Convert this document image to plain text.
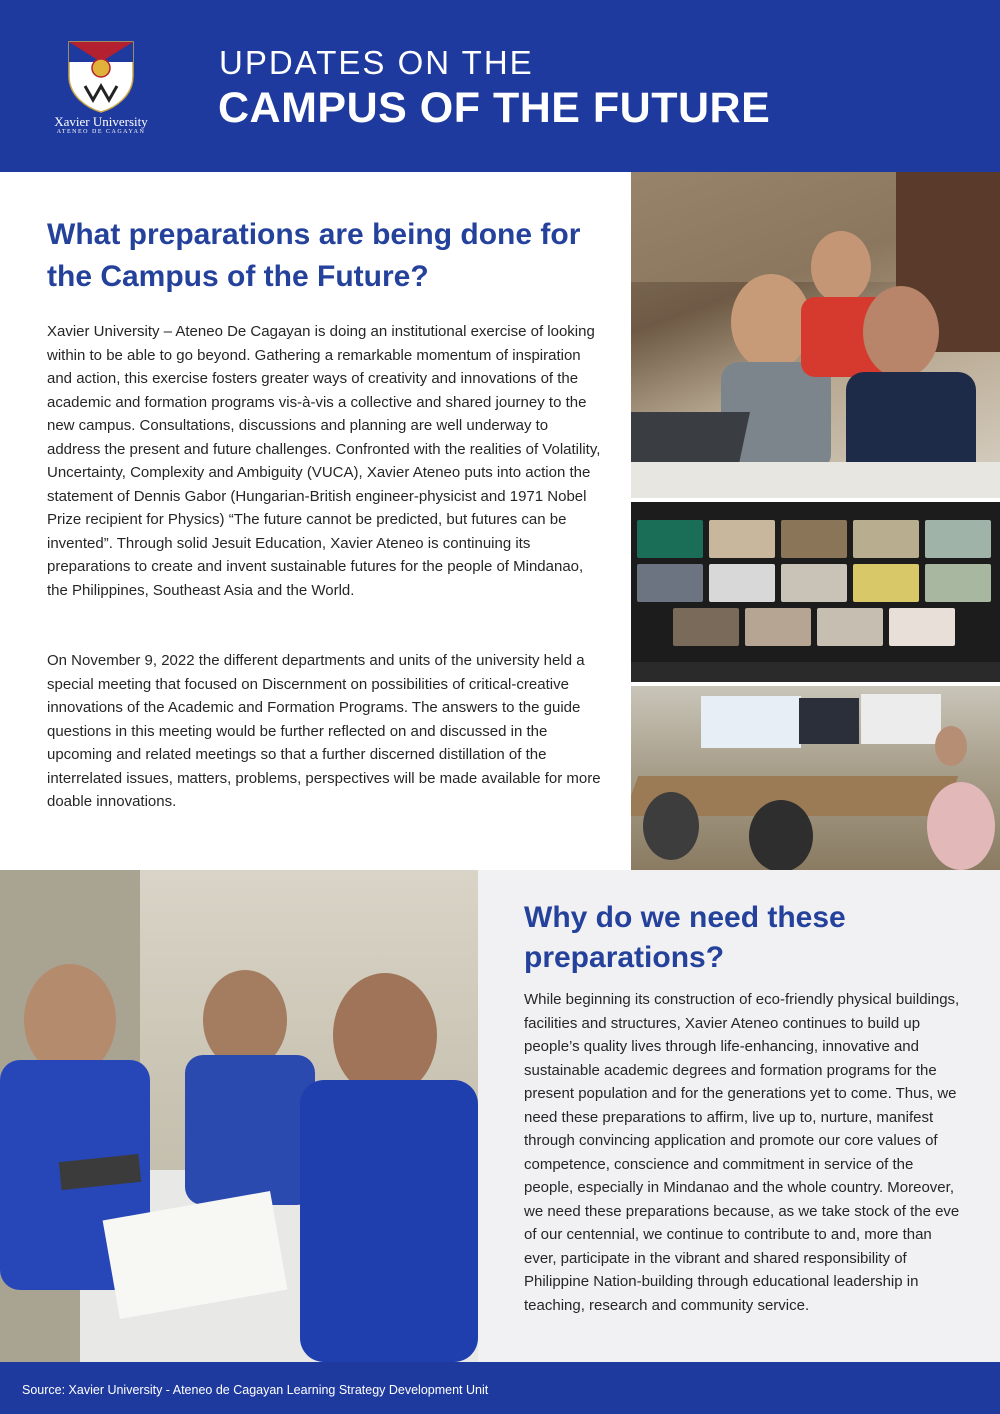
Xavier University
ATENEO DE CAGAYAN
UPDATES ON THE
CAMPUS OF THE FUTURE
What preparations are being done for the Campus of the Future?

Xavier University – Ateneo De Cagayan is doing an institutional exercise of looking within to be able to go beyond. Gathering a remarkable momentum of inspiration and action, this exercise fosters greater ways of creativity and innovations of the academic and formation programs vis-à-vis a collective and shared journey to the new campus. Consultations, discussions and planning are well underway to address the present and future challenges. Confronted with the realities of Volatility, Uncertainty, Complexity and Ambiguity (VUCA), Xavier Ateneo puts into action the statement of Dennis Gabor (Hungarian-British engineer-physicist and 1971 Nobel Prize recipient for Physics) “The future cannot be predicted, but futures can be invented”. Through solid Jesuit Education, Xavier Ateneo is continuing its preparations to create and invent sustainable futures for the people of Mindanao, the Philippines, Southeast Asia and the World.

On November 9, 2022 the different departments and units of the university held a special meeting that focused on Discernment on possibilities of critical-creative innovations of the Academic and Formation Programs. The answers to the guide questions in this meeting would be further reflected on and discussed in the upcoming and related meetings so that a further discerned distillation of the interrelated issues, matters, problems, perspectives will be made available for more doable innovations.

Why do we need these preparations?

While beginning its construction of eco-friendly physical buildings, facilities and structures, Xavier Ateneo continues to build up people’s quality lives through life-enhancing, innovative and sustainable academic degrees and formation programs for the present population and for the generations yet to come. Thus, we need these preparations to affirm, live up to, nurture, manifest through convincing application and promote our core values of competence, conscience and commitment in service of the people, especially in Mindanao and the whole country. Moreover, we need these preparations because, as we take stock of the eve of our centennial, we continue to contribute to and, more than ever, participate in the vibrant and shared responsibility of Philippine Nation-building through educational leadership in teaching, research and community service.

Source: Xavier University - Ateneo de Cagayan Learning Strategy Development Unit
